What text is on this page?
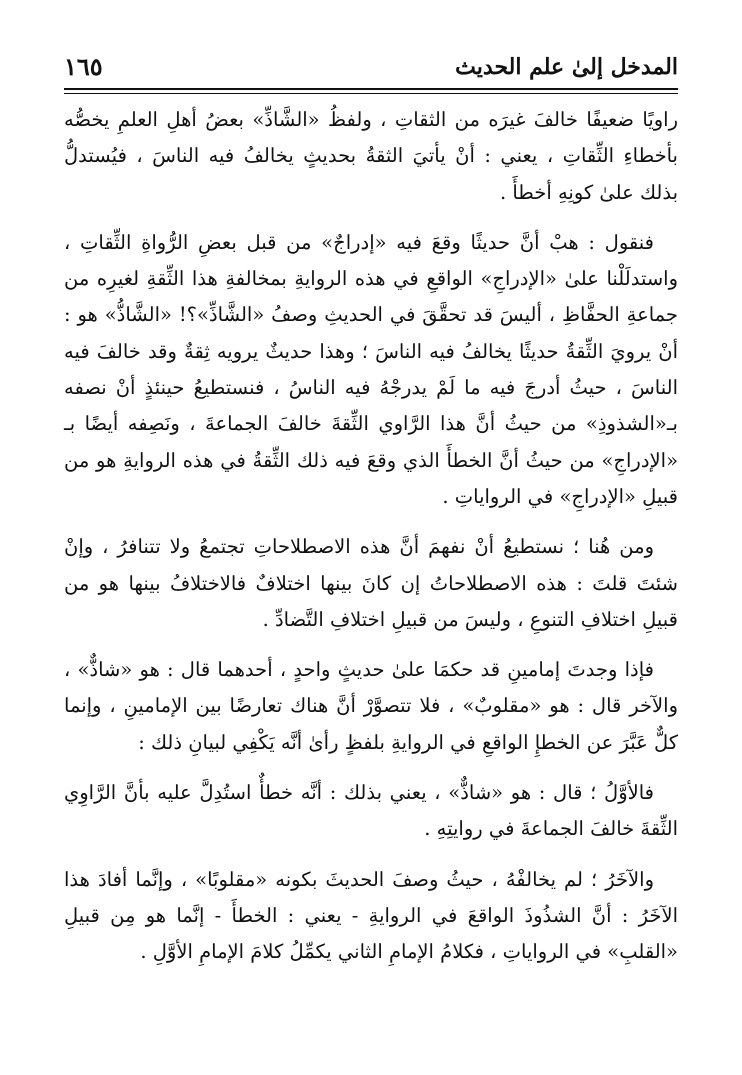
المدخل إلىٰ علم الحديث
١٦٥

راويًا ضعيفًا خالفَ غيرَه من الثقاتِ ، ولفظُ «الشَّاذِّ» بعضُ أهلِ العلمِ يخصُّه بأخطاءِ الثِّقاتِ ، يعني : أنْ يأتيَ الثقةُ بحديثٍ يخالفُ فيه الناسَ ، فيُستدلُّ بذلك علىٰ كونِهِ أخطأَ .

فنقول : هبْ أنَّ حديثًا وقعَ فيه «إدراجٌ» من قبل بعضِ الرُّواةِ الثِّقاتِ ، واستدلَلْنا علىٰ «الإدراجِ» الواقعِ في هذه الروايةِ بمخالفةِ هذا الثِّقةِ لغيرِه من جماعةِ الحفَّاظِ ، أليسَ قد تحقَّقَ في الحديثِ وصفُ «الشَّاذِّ»؟! «الشَّاذُّ» هو : أنْ يرويَ الثِّقةُ حديثًا يخالفُ فيه الناسَ ؛ وهذا حديثٌ يرويه ثِقةٌ وقد خالفَ فيه الناسَ ، حيثُ أدرجَ فيه ما لَمْ يدرجْهُ فيه الناسُ ، فنستطيعُ حينئذٍ أنْ نصفه بـ«الشذوذِ» من حيثُ أنَّ هذا الرَّاوي الثِّقةَ خالفَ الجماعةَ ، ونَصِفه أيضًا بـ «الإدراجِ» من حيثُ أنَّ الخطأَ الذي وقعَ فيه ذلك الثِّقةُ في هذه الروايةِ هو من قبيلِ «الإدراجِ» في الرواياتِ .

ومن هُنا ؛ نستطيعُ أنْ نفهمَ أنَّ هذه الاصطلاحاتِ تجتمعُ ولا تتنافرُ ، وإنْ شئتَ قلتَ : هذه الاصطلاحاتُ إن كانَ بينها اختلافٌ فالاختلافُ بينها هو من قبيلِ اختلافِ التنوعِ ، وليسَ من قبيلِ اختلافِ التَّضادِّ .

فإذا وجدتَ إمامينِ قد حكمَا علىٰ حديثٍ واحدٍ ، أحدهما قال : هو «شاذٌّ» ، والآخر قال : هو «مقلوبٌ» ، فلا تتصوَّرْ أنَّ هناك تعارضًا بين الإمامينِ ، وإنما كلٌّ عَبَّرَ عن الخطإِ الواقعِ في الروايةِ بلفظٍ رأىٰ أنَّه يَكْفِي لبيانِ ذلك :

فالأوَّلُ ؛ قال : هو «شاذٌّ» ، يعني بذلك : أنَّه خطأٌ استُدِلَّ عليه بأنَّ الرَّاوِي الثِّقةَ خالفَ الجماعةَ في روايتِهِ .

والآخَرُ ؛ لم يخالفْهُ ، حيثُ وصفَ الحديثَ بكونه «مقلوبًا» ، وإنَّما أفادَ هذا الآخَرُ : أنَّ الشذُوذَ الواقعَ في الروايةِ - يعني : الخطأَ - إنَّما هو مِن قبيلِ «القلبِ» في الرواياتِ ، فكلامُ الإمامِ الثاني يكمِّلُ كلامَ الإمامِ الأوَّلِ .
